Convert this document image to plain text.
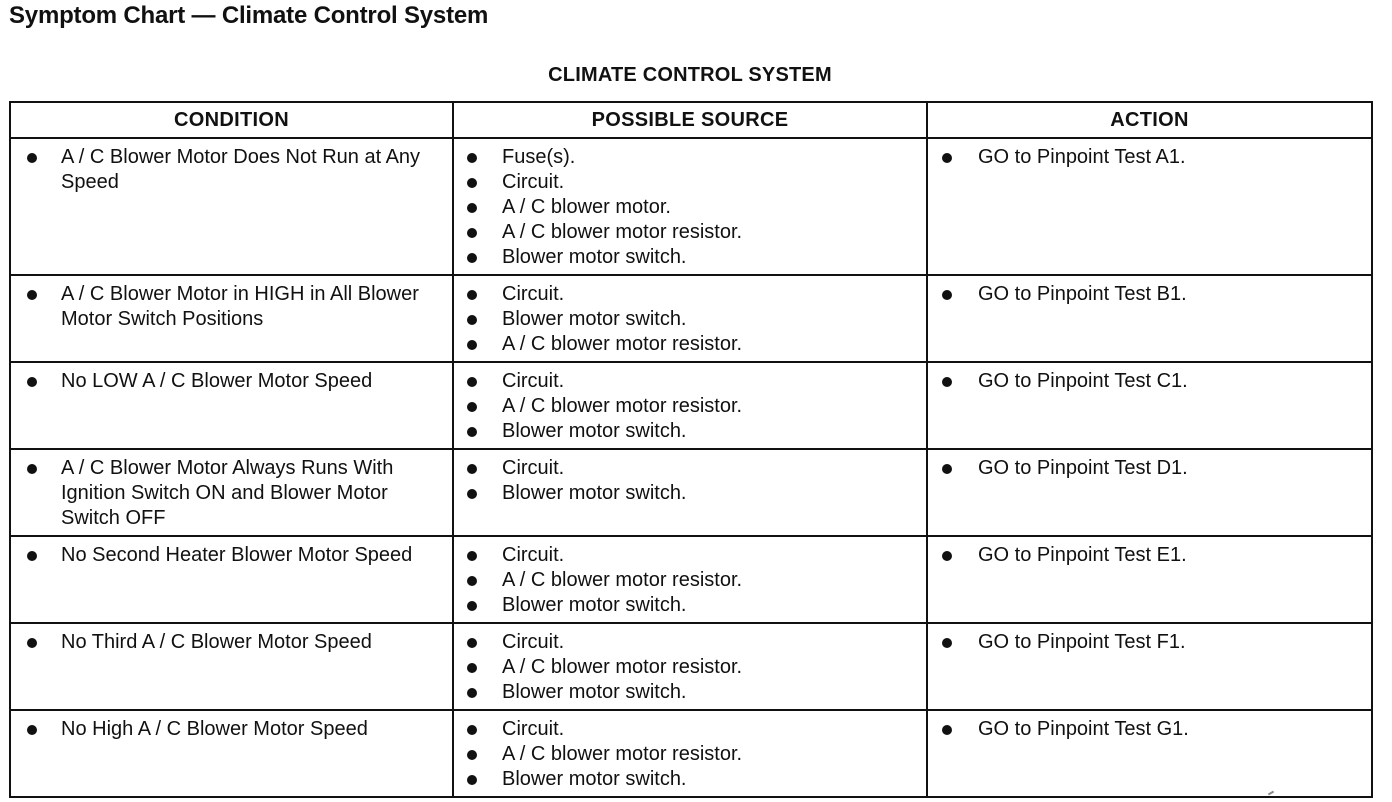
Symptom Chart — Climate Control System
CLIMATE CONTROL SYSTEM
CONDITION	POSSIBLE SOURCE	ACTION

A / C Blower Motor Does Not Run at Any Speed	Fuse(s).
Circuit.
A / C blower motor.
A / C blower motor resistor.
Blower motor switch.	GO to Pinpoint Test A1.

A / C Blower Motor in HIGH in All Blower Motor Switch Positions	Circuit.
Blower motor switch.
A / C blower motor resistor.	GO to Pinpoint Test B1.

No LOW A / C Blower Motor Speed	Circuit.
A / C blower motor resistor.
Blower motor switch.	GO to Pinpoint Test C1.

A / C Blower Motor Always Runs With Ignition Switch ON and Blower Motor Switch OFF	Circuit.
Blower motor switch.	GO to Pinpoint Test D1.

No Second Heater Blower Motor Speed	Circuit.
A / C blower motor resistor.
Blower motor switch.	GO to Pinpoint Test E1.

No Third A / C Blower Motor Speed	Circuit.
A / C blower motor resistor.
Blower motor switch.	GO to Pinpoint Test F1.

No High A / C Blower Motor Speed	Circuit.
A / C blower motor resistor.
Blower motor switch.	GO to Pinpoint Test G1.
